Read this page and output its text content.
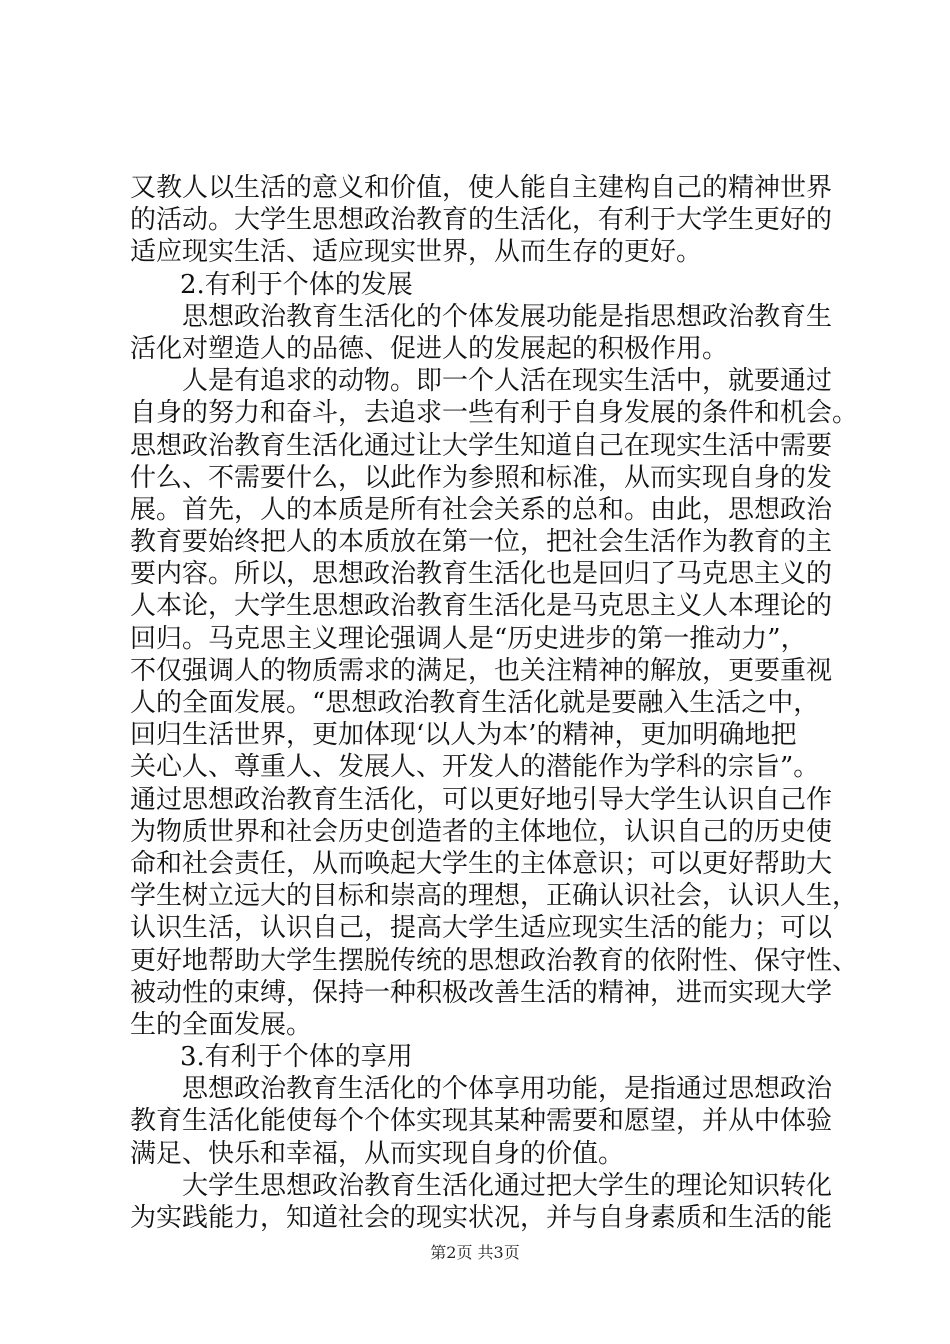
又教人以生活的意义和价值，使人能自主建构自己的精神世界
的活动。大学生思想政治教育的生活化，有利于大学生更好的
适应现实生活、适应现实世界，从而生存的更好。
2.有利于个体的发展
思想政治教育生活化的个体发展功能是指思想政治教育生
活化对塑造人的品德、促进人的发展起的积极作用。
人是有追求的动物。即一个人活在现实生活中，就要通过
自身的努力和奋斗，去追求一些有利于自身发展的条件和机会。
思想政治教育生活化通过让大学生知道自己在现实生活中需要
什么、不需要什么，以此作为参照和标准，从而实现自身的发
展。首先，人的本质是所有社会关系的总和。由此，思想政治
教育要始终把人的本质放在第一位，把社会生活作为教育的主
要内容。所以，思想政治教育生活化也是回归了马克思主义的
人本论，大学生思想政治教育生活化是马克思主义人本理论的
回归。马克思主义理论强调人是“历史进步的第一推动力”，
不仅强调人的物质需求的满足，也关注精神的解放，更要重视
人的全面发展。“思想政治教育生活化就是要融入生活之中，
回归生活世界，更加体现‘以人为本’的精神，更加明确地把
关心人、尊重人、发展人、开发人的潜能作为学科的宗旨”。
通过思想政治教育生活化，可以更好地引导大学生认识自己作
为物质世界和社会历史创造者的主体地位，认识自己的历史使
命和社会责任，从而唤起大学生的主体意识；可以更好帮助大
学生树立远大的目标和崇高的理想，正确认识社会，认识人生，
认识生活，认识自己，提高大学生适应现实生活的能力；可以
更好地帮助大学生摆脱传统的思想政治教育的依附性、保守性、
被动性的束缚，保持一种积极改善生活的精神，进而实现大学
生的全面发展。
3.有利于个体的享用
思想政治教育生活化的个体享用功能，是指通过思想政治
教育生活化能使每个个体实现其某种需要和愿望，并从中体验
满足、快乐和幸福，从而实现自身的价值。
大学生思想政治教育生活化通过把大学生的理论知识转化
为实践能力，知道社会的现实状况，并与自身素质和生活的能
第2页 共3页
